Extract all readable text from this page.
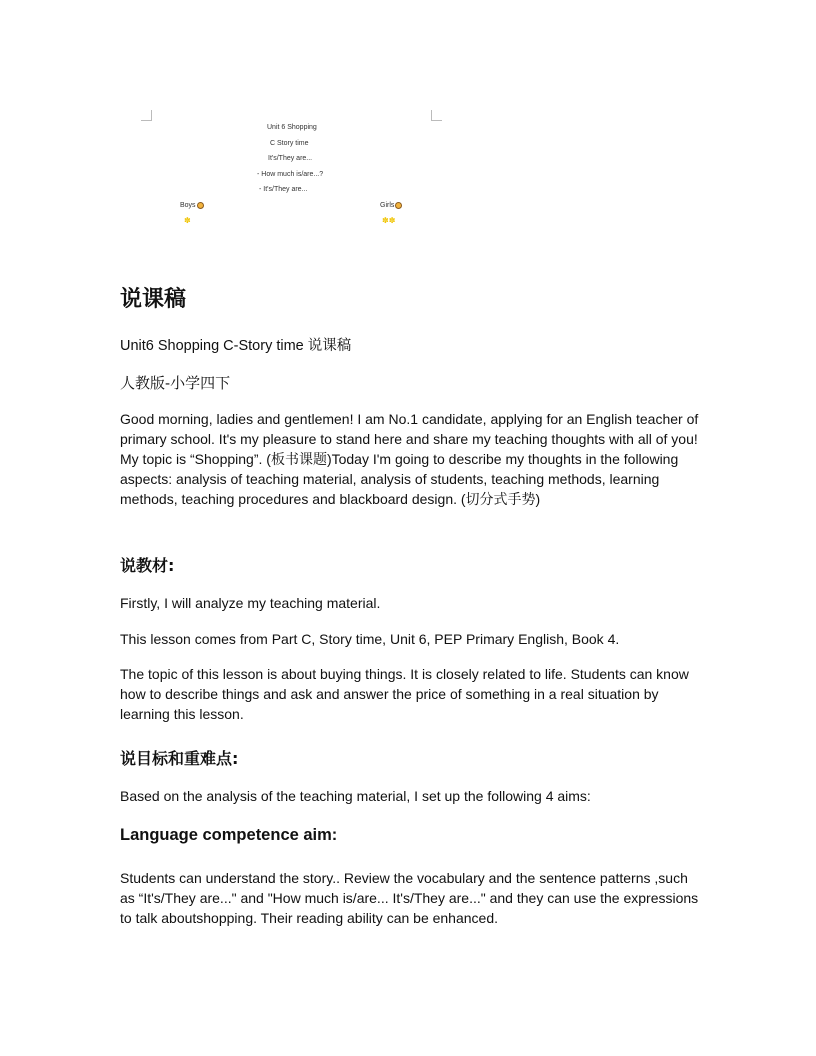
Unit 6 Shopping
C Story time
It's/They are...
- How much is/are...?
- It's/They are...
Boys
✽
Girls
✽✽
说课稿
Unit6 Shopping C-Story time 说课稿
人教版-小学四下
Good morning, ladies and gentlemen! I am No.1 candidate, applying for an English teacher of primary school. It's my pleasure to stand here and share my teaching thoughts with all of you! My topic is “Shopping”. (板书课题)Today I'm going to describe my thoughts in the following aspects: analysis of teaching material, analysis of students, teaching methods, learning methods, teaching procedures and blackboard design. (切分式手势)
说教材:
Firstly, I will analyze my teaching material.
This lesson comes from Part C, Story time, Unit 6, PEP Primary English, Book 4.
The topic of this lesson is about buying things. It is closely related to life. Students can know how to describe things and ask and answer the price of something in a real situation by learning this lesson.
说目标和重难点:
Based on the analysis of the teaching material, I set up the following 4 aims:
Language competence aim:
Students can understand the story.. Review the vocabulary and the sentence patterns ,such as “It's/They are..." and "How much is/are... It's/They are..." and they can use the expressions to talk aboutshopping. Their reading ability can be enhanced.
